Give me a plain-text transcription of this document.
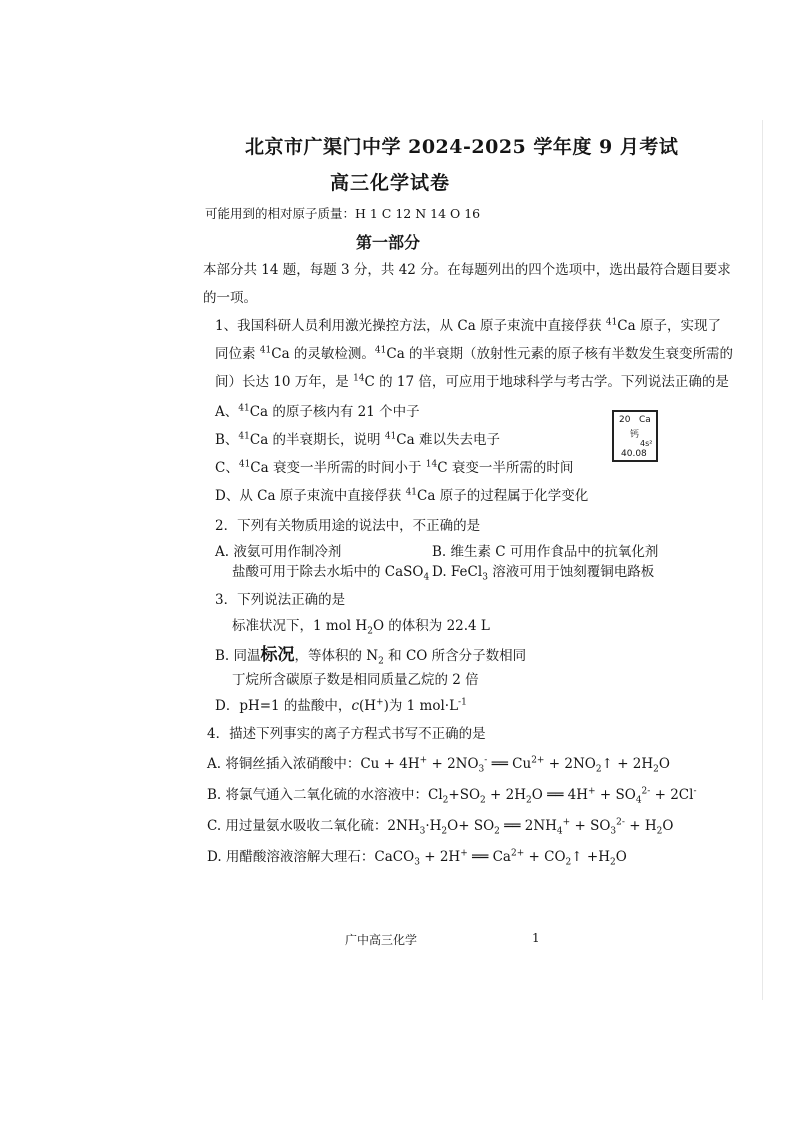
北京市广渠门中学 2024-2025 学年度 9 月考试
高三化学试卷
可能用到的相对原子质量：H 1 C 12 N 14 O 16
第一部分
本部分共 14 题，每题 3 分，共 42 分。在每题列出的四个选项中，选出最符合题目要求
的一项。
1、我国科研人员利用激光操控方法，从 Ca 原子束流中直接俘获 $^{41}$Ca 原子，实现了
同位素 $^{41}$Ca 的灵敏检测。$^{41}$Ca 的半衰期（放射性元素的原子核有半数发生衰变所需的
间）长达 10 万年，是 $^{14}$C 的 17 倍，可应用于地球科学与考古学。下列说法正确的是
A、$^{41}$Ca 的原子核内有 21 个中子
B、$^{41}$Ca 的半衰期长，说明 $^{41}$Ca 难以失去电子
C、$^{41}$Ca 衰变一半所需的时间小于 $^{14}$C 衰变一半所需的时间
D、从 Ca 原子束流中直接俘获 $^{41}$Ca 原子的过程属于化学变化
20 Ca
钙
4s²
40.08
2．下列有关物质用途的说法中，不正确的是
A. 液氨可用作制冷剂	B. 维生素 C 可用作食品中的抗氧化剂
盐酸可用于除去水垢中的 CaSO$_4$ D. FeCl$_3$ 溶液可用于蚀刻覆铜电路板
3．下列说法正确的是
标准状况下，1 mol $H_2O$ 的体积为 22.4 L
B. 同温标况，等体积的 $N_2$ 和 CO 所含分子数相同
丁烷所含碳原子数是相同质量乙烷的 2 倍
D．pH=1 的盐酸中，c(H+)为 1 $mol\cdot L^{-1}$
4．描述下列事实的离子方程式书写不正确的是
A. 将铜丝插入浓硝酸中：$Cu + 4H^+ + 2NO_3^-$ ══ $Cu^{2+}$ + $2NO_2↑ + 2H_2O$
B. 将氯气通入二氧化硫的水溶液中：$Cl_2+SO_2 + 2H_2O$ ══ $4H^+ + SO_4^{2-} + 2Cl^-$
C. 用过量氨水吸收二氧化硫：$2NH_3\cdot H_2O+ SO_2$ ══ $2NH_4^+ + SO_3^{2-} + H_2O$
D. 用醋酸溶液溶解大理石：CaCO$_3$ + 2H+ ══ $Ca^{2+}$ + $CO_2↑ +H_2O$
广中高三化学	1
